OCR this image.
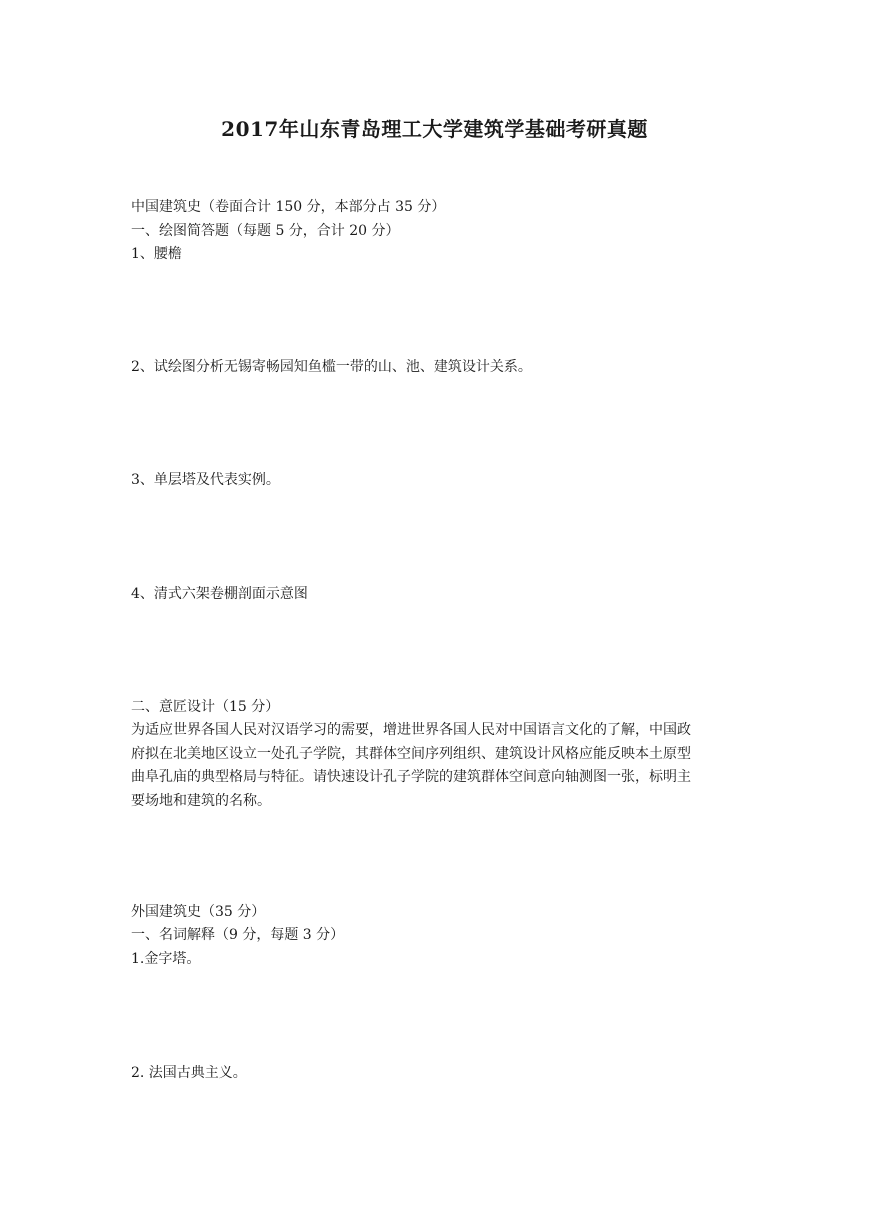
2017年山东青岛理工大学建筑学基础考研真题
中国建筑史（卷面合计 150 分，本部分占 35 分）
一、绘图简答题（每题 5 分，合计 20 分）
1、腰檐
2、试绘图分析无锡寄畅园知鱼槛一带的山、池、建筑设计关系。
3、单层塔及代表实例。
4、清式六架卷棚剖面示意图
二、意匠设计（15 分）
为适应世界各国人民对汉语学习的需要，增进世界各国人民对中国语言文化的了解，中国政
府拟在北美地区设立一处孔子学院，其群体空间序列组织、建筑设计风格应能反映本土原型
曲阜孔庙的典型格局与特征。请快速设计孔子学院的建筑群体空间意向轴测图一张，标明主
要场地和建筑的名称。
外国建筑史（35 分）
一、名词解释（9 分，每题 3 分）
1.金字塔。
2. 法国古典主义。
